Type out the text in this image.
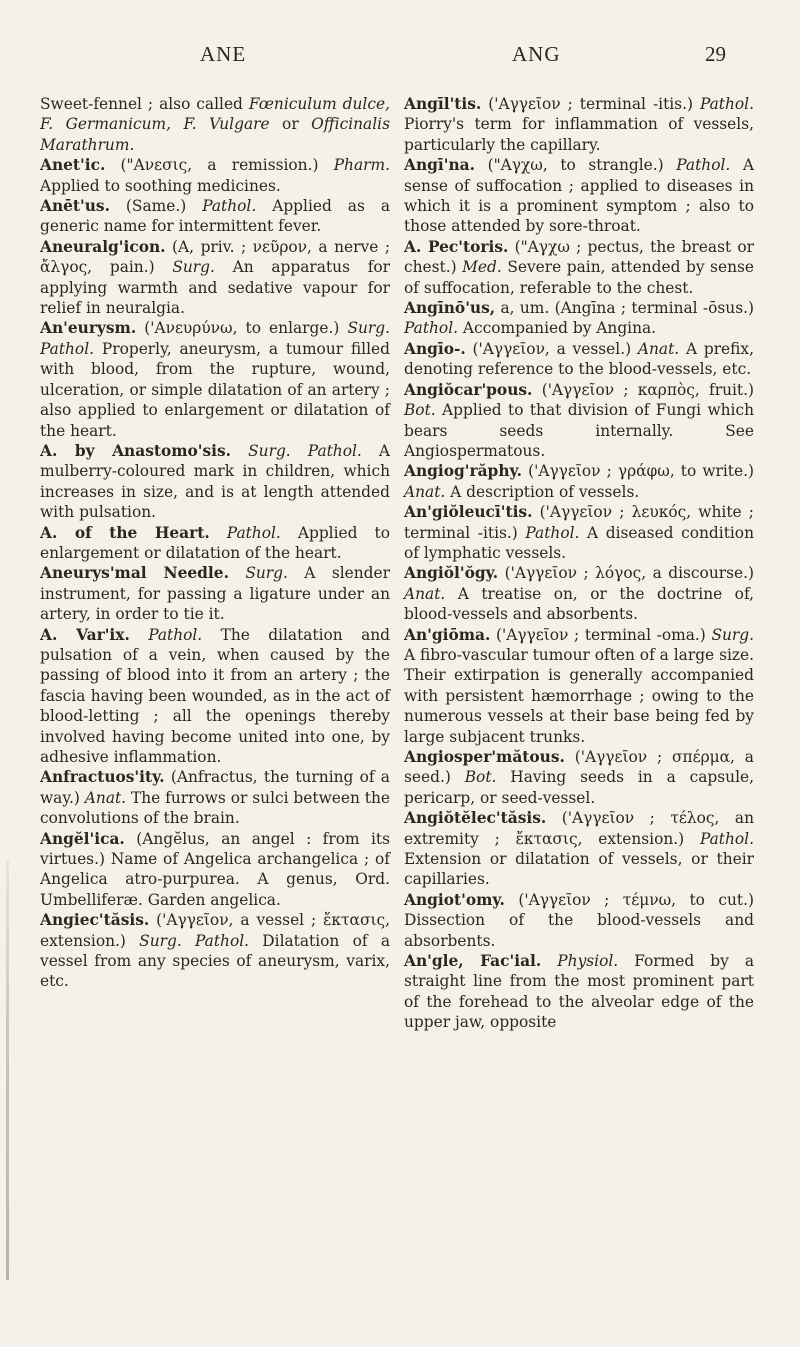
ANE	ANG	29

Sweet-fennel ; also called Fœniculum dulce, F. Germanicum, F. Vulgare or Officinalis Marathrum.

Anet'ic. ("Ανεσις, a remission.) Pharm. Applied to soothing medicines.

Anēt'us. (Same.) Pathol. Applied as a generic name for intermittent fever.

Aneuralg'icon. (A, priv. ; νεῦρον, a nerve ; ἄλγος, pain.) Surg. An apparatus for applying warmth and sedative vapour for relief in neuralgia.

An'eurysm. ('Ανευρύνω, to enlarge.) Surg. Pathol. Properly, aneurysm, a tumour filled with blood, from the rupture, wound, ulceration, or simple dilatation of an artery ; also applied to enlargement or dilatation of the heart.

A. by Anastomo'sis. Surg. Pathol. A mulberry-coloured mark in children, which increases in size, and is at length attended with pulsation.

A. of the Heart. Pathol. Applied to enlargement or dilatation of the heart.

Aneurys'mal Needle. Surg. A slender instrument, for passing a ligature under an artery, in order to tie it.

A. Var'ix. Pathol. The dilatation and pulsation of a vein, when caused by the passing of blood into it from an artery ; the fascia having been wounded, as in the act of blood-letting ; all the openings thereby involved having become united into one, by adhesive inflammation.

Anfractuos'ity. (Anfractus, the turning of a way.) Anat. The furrows or sulci between the convolutions of the brain.

Angĕl'ica. (Angĕlus, an angel : from its virtues.) Name of Angelica archangelica ; of Angelica atro-purpurea. A genus, Ord. Umbelliferæ. Garden angelica.

Angiec'tăsis. ('Αγγεῖον, a vessel ; ἔκτασις, extension.) Surg. Pathol. Dilatation of a vessel from any species of aneurysm, varix, etc.

Angīl'tis. ('Αγγεῖον ; terminal -itis.) Pathol. Piorry's term for inflammation of vessels, particularly the capillary.

Angī'na. ("Αγχω, to strangle.) Pathol. A sense of suffocation ; applied to diseases in which it is a prominent symptom ; also to those attended by sore-throat.

A. Pec'toris. ("Αγχω ; pectus, the breast or chest.) Med. Severe pain, attended by sense of suffocation, referable to the chest.

Angīnō'us, a, um. (Angīna ; terminal -ōsus.) Pathol. Accompanied by Angina.

Angīo-. ('Αγγεῖον, a vessel.) Anat. A prefix, denoting reference to the blood-vessels, etc.

Angiŏcar'pous. ('Αγγεῖον ; καρπὸς, fruit.) Bot. Applied to that division of Fungi which bears seeds internally. See Angiospermatous.

Angiog'răphy. ('Αγγεῖον ; γράφω, to write.) Anat. A description of vessels.

An'giŏleucī'tis. ('Αγγεῖον ; λευκός, white ; terminal -itis.) Pathol. A diseased condition of lymphatic vessels.

Angiŏl'ŏgy. ('Αγγεῖον ; λόγος, a discourse.) Anat. A treatise on, or the doctrine of, blood-vessels and absorbents.

An'giōma. ('Αγγεῖον ; terminal -oma.) Surg. A fibro-vascular tumour often of a large size. Their extirpation is generally accompanied with persistent hæmorrhage ; owing to the numerous vessels at their base being fed by large subjacent trunks.

Angiosper'mătous. ('Αγγεῖον ; σπέρμα, a seed.) Bot. Having seeds in a capsule, pericarp, or seed-vessel.

Angiŏtĕlec'tăsis. ('Αγγεῖον ; τέλος, an extremity ; ἔκτασις, extension.) Pathol. Extension or dilatation of vessels, or their capillaries.

Angiot'omy. ('Αγγεῖον ; τέμνω, to cut.) Dissection of the blood-vessels and absorbents.

An'gle, Fac'ial. Physiol. Formed by a straight line from the most prominent part of the forehead to the alveolar edge of the upper jaw, opposite
